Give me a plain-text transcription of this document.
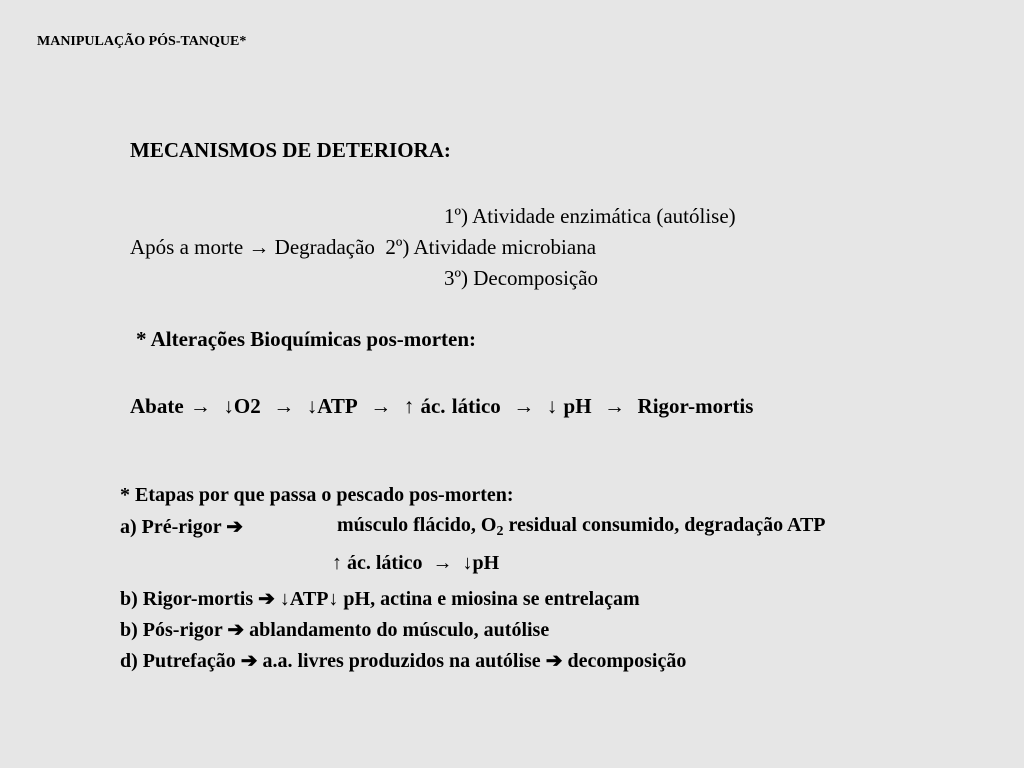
MANIPULAÇÃO PÓS-TANQUE*
MECANISMOS DE DETERIORA:
1º) Atividade enzimática (autólise)
Após a morte → Degradação 2º) Atividade microbiana
3º) Decomposição
* Alterações Bioquímicas pos-morten:
Abate → ↓O2 → ↓ATP → ↑ ác. lático → ↓ pH → Rigor-mortis
* Etapas por que passa o pescado pos-morten:
a) Pré-rigor ➔	músculo flácido, $O_2$ residual consumido, degradação ATP
↑ ác. lático → ↓pH
b) Rigor-mortis ➔ ↓ATP↓ pH, actina e miosina se entrelaçam
b) Pós-rigor ➔ ablandamento do músculo, autólise
d) Putrefação ➔ a.a. livres produzidos na autólise ➔ decomposição
